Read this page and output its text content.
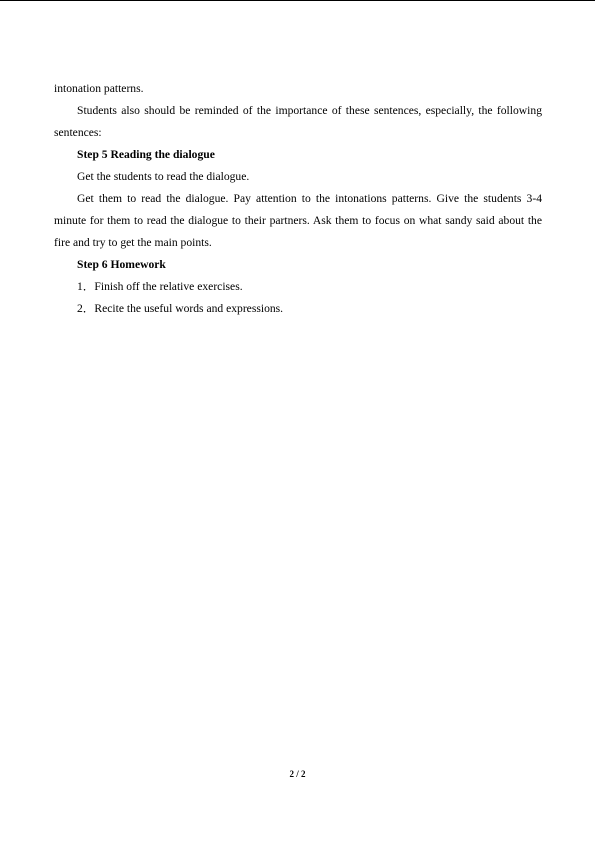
intonation patterns.

Students also should be reminded of the importance of these sentences, especially, the following sentences:

Step 5 Reading the dialogue

Get the students to read the dialogue.

Get them to read the dialogue. Pay attention to the intonations patterns. Give the students 3-4 minute for them to read the dialogue to their partners. Ask them to focus on what sandy said about the fire and try to get the main points.

Step 6 Homework

1．Finish off the relative exercises.

2．Recite the useful words and expressions.

2 / 2
